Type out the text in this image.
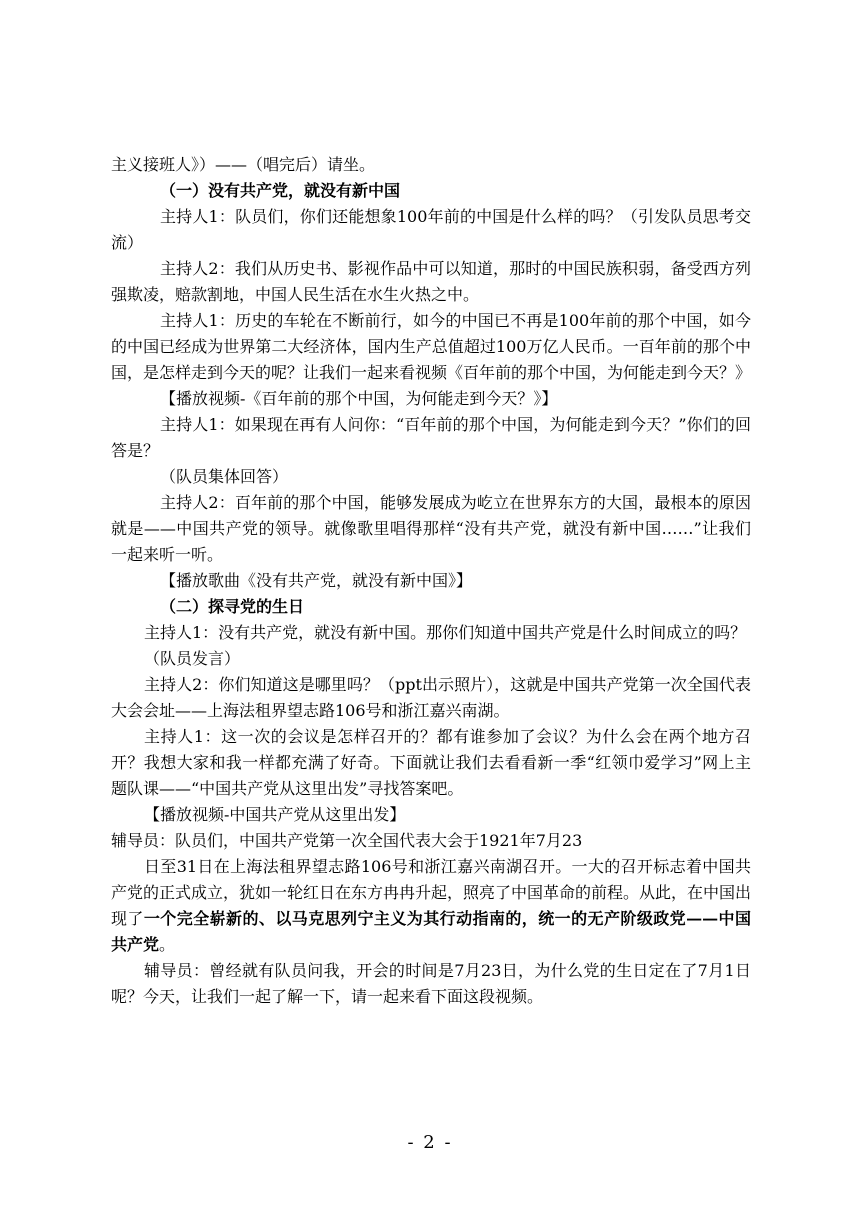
主义接班人》）——（唱完后）请坐。

（一）没有共产党，就没有新中国

主持人1：队员们，你们还能想象100年前的中国是什么样的吗？（引发队员思考交流）

主持人2：我们从历史书、影视作品中可以知道，那时的中国民族积弱，备受西方列强欺凌，赔款割地，中国人民生活在水生火热之中。

主持人1：历史的车轮在不断前行，如今的中国已不再是100年前的那个中国，如今的中国已经成为世界第二大经济体，国内生产总值超过100万亿人民币。一百年前的那个中国，是怎样走到今天的呢？让我们一起来看视频《百年前的那个中国，为何能走到今天？》

【播放视频-《百年前的那个中国，为何能走到今天？》】

主持人1：如果现在再有人问你：“百年前的那个中国，为何能走到今天？”你们的回答是？

（队员集体回答）

主持人2：百年前的那个中国，能够发展成为屹立在世界东方的大国，最根本的原因就是——中国共产党的领导。就像歌里唱得那样“没有共产党，就没有新中国……”让我们一起来听一听。

【播放歌曲《没有共产党，就没有新中国》】

（二）探寻党的生日

主持人1：没有共产党，就没有新中国。那你们知道中国共产党是什么时间成立的吗？

（队员发言）

主持人2：你们知道这是哪里吗？（ppt出示照片），这就是中国共产党第一次全国代表大会会址——上海法租界望志路106号和浙江嘉兴南湖。

主持人1：这一次的会议是怎样召开的？都有谁参加了会议？为什么会在两个地方召开？我想大家和我一样都充满了好奇。下面就让我们去看看新一季“红领巾爱学习”网上主题队课——“中国共产党从这里出发”寻找答案吧。

【播放视频-中国共产党从这里出发】

辅导员：队员们，中国共产党第一次全国代表大会于1921年7月23

日至31日在上海法租界望志路106号和浙江嘉兴南湖召开。一大的召开标志着中国共产党的正式成立，犹如一轮红日在东方冉冉升起，照亮了中国革命的前程。从此，在中国出现了一个完全崭新的、以马克思列宁主义为其行动指南的，统一的无产阶级政党——中国共产党。

辅导员：曾经就有队员问我，开会的时间是7月23日，为什么党的生日定在了7月1日呢？今天，让我们一起了解一下，请一起来看下面这段视频。

- 2 -
